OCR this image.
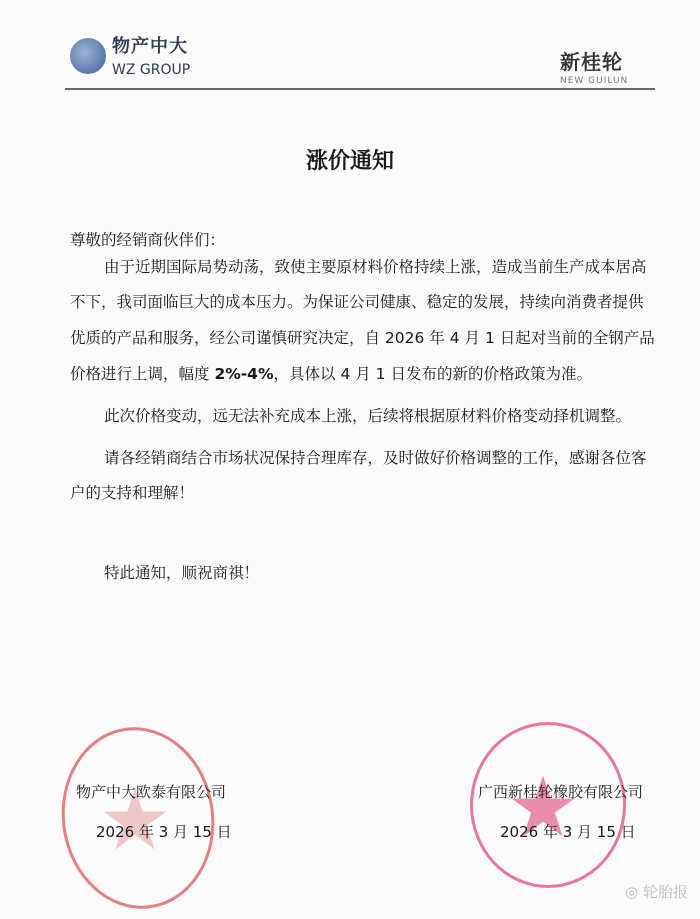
物产中大
WZ GROUP	新桂轮
NEW GUILUN
涨价通知
尊敬的经销商伙伴们：
由于近期国际局势动荡，致使主要原材料价格持续上涨，造成当前生产成本居高
不下，我司面临巨大的成本压力。为保证公司健康、稳定的发展，持续向消费者提供
优质的产品和服务，经公司谨慎研究决定，自 2026 年 4 月 1 日起对当前的全钢产品
价格进行上调，幅度 2%-4%，具体以 4 月 1 日发布的新的价格政策为准。
此次价格变动，远无法补充成本上涨，后续将根据原材料价格变动择机调整。
请各经销商结合市场状况保持合理库存，及时做好价格调整的工作，感谢各位客
户的支持和理解！
特此通知，顺祝商祺！
物产中大欧泰有限公司
2026 年 3 月 15 日
广西新桂轮橡胶有限公司
2026 年 3 月 15 日
◎ 轮胎报
